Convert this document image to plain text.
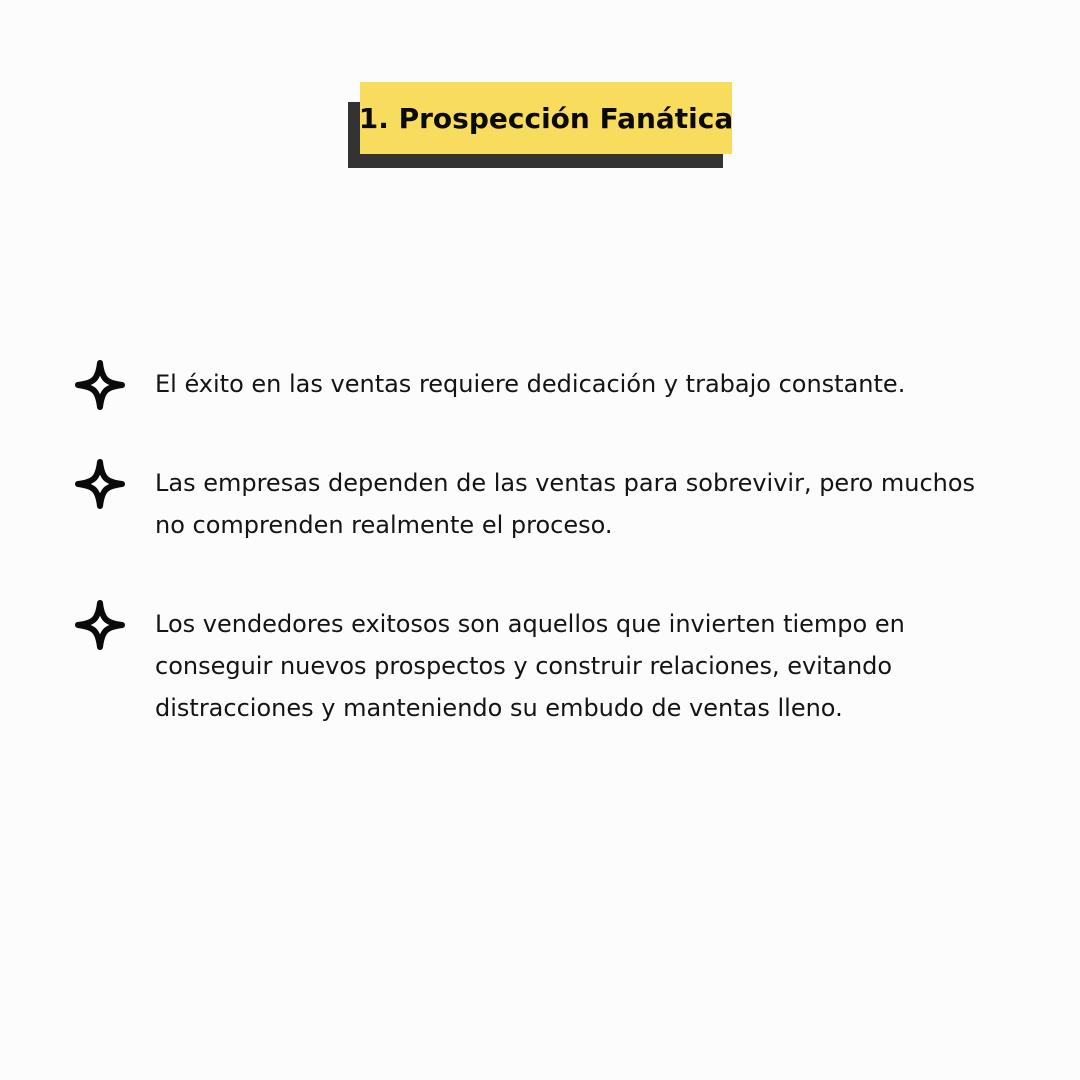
1. Prospección Fanática
El éxito en las ventas requiere dedicación y trabajo constante.
Las empresas dependen de las ventas para sobrevivir, pero muchos no comprenden realmente el proceso.
Los vendedores exitosos son aquellos que invierten tiempo en conseguir nuevos prospectos y construir relaciones, evitando distracciones y manteniendo su embudo de ventas lleno.
